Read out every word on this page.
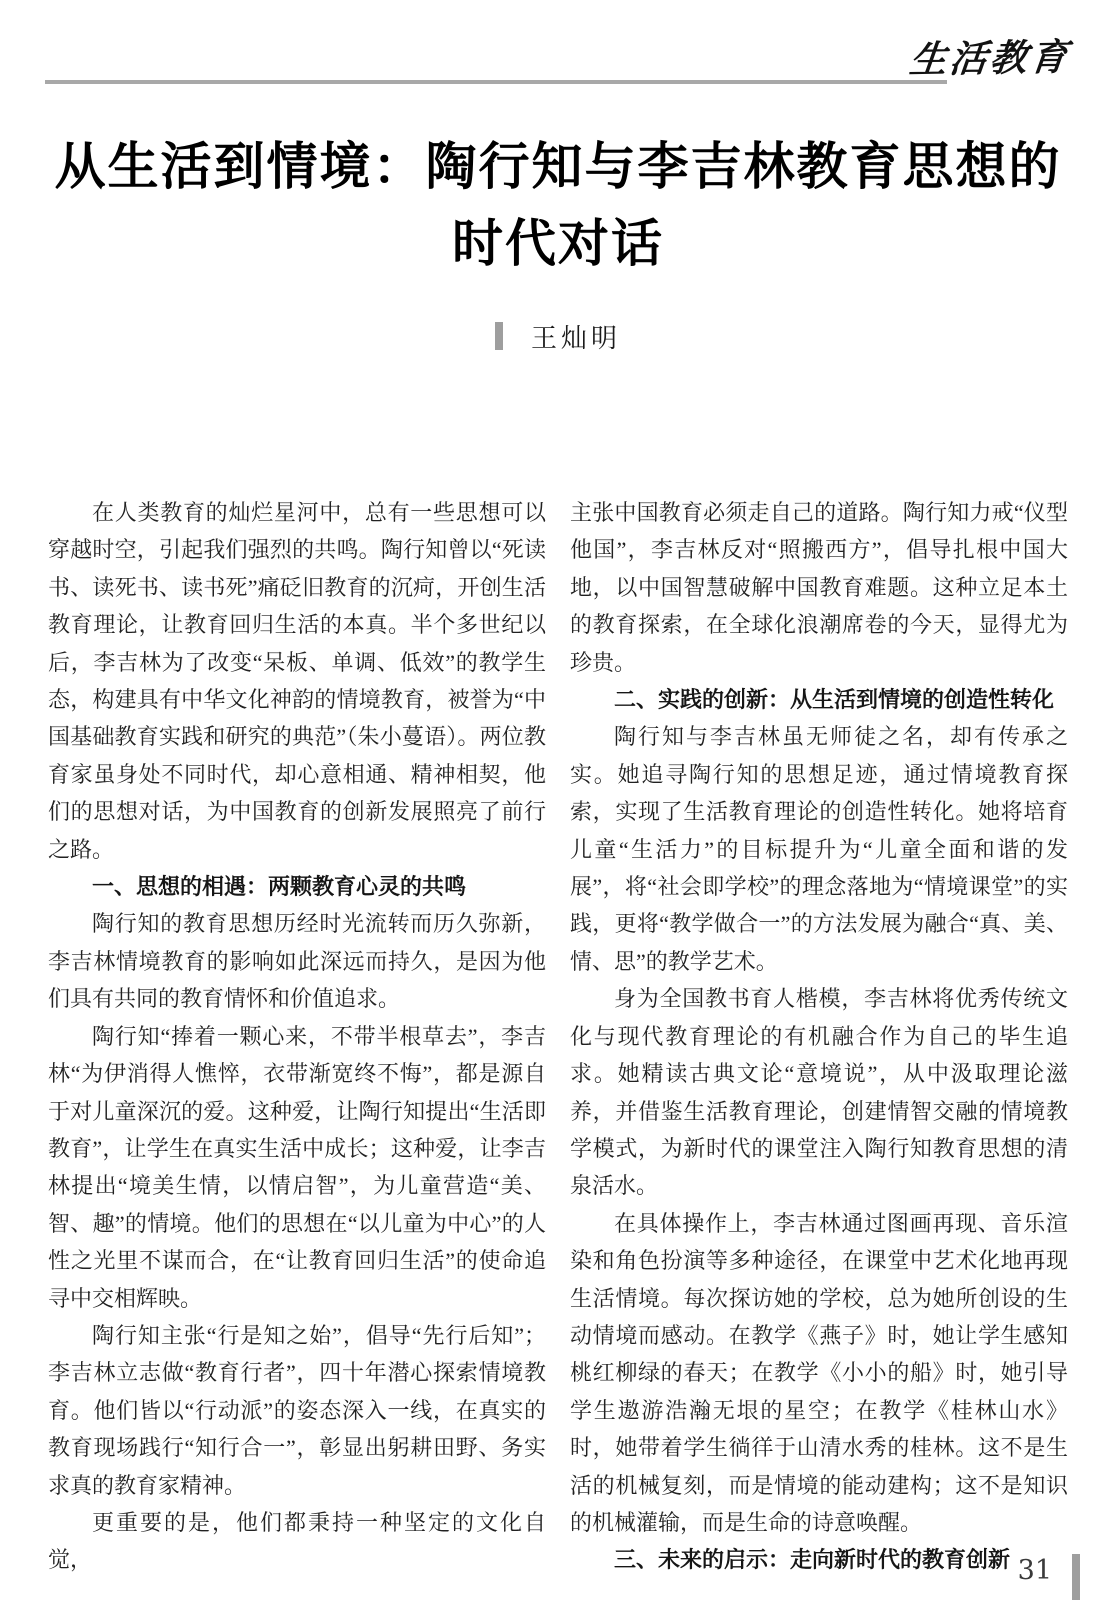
生活教育
从生活到情境：陶行知与李吉林教育思想的
时代对话
王灿明

在人类教育的灿烂星河中，总有一些思想可以穿越时空，引起我们强烈的共鸣。陶行知曾以“死读书、读死书、读书死”痛砭旧教育的沉疴，开创生活教育理论，让教育回归生活的本真。半个多世纪以后，李吉林为了改变“呆板、单调、低效”的教学生态，构建具有中华文化神韵的情境教育，被誉为“中国基础教育实践和研究的典范”（朱小蔓语）。两位教育家虽身处不同时代，却心意相通、精神相契，他们的思想对话，为中国教育的创新发展照亮了前行之路。

一、思想的相遇：两颗教育心灵的共鸣

陶行知的教育思想历经时光流转而历久弥新，李吉林情境教育的影响如此深远而持久，是因为他们具有共同的教育情怀和价值追求。

陶行知“捧着一颗心来，不带半根草去”，李吉林“为伊消得人憔悴，衣带渐宽终不悔”，都是源自于对儿童深沉的爱。这种爱，让陶行知提出“生活即教育”，让学生在真实生活中成长；这种爱，让李吉林提出“境美生情，以情启智”，为儿童营造“美、智、趣”的情境。他们的思想在“以儿童为中心”的人性之光里不谋而合，在“让教育回归生活”的使命追寻中交相辉映。

陶行知主张“行是知之始”，倡导“先行后知”；李吉林立志做“教育行者”，四十年潜心探索情境教育。他们皆以“行动派”的姿态深入一线，在真实的教育现场践行“知行合一”，彰显出躬耕田野、务实求真的教育家精神。

更重要的是，他们都秉持一种坚定的文化自觉，

主张中国教育必须走自己的道路。陶行知力戒“仪型他国”，李吉林反对“照搬西方”，倡导扎根中国大地，以中国智慧破解中国教育难题。这种立足本土的教育探索，在全球化浪潮席卷的今天，显得尤为珍贵。

二、实践的创新：从生活到情境的创造性转化

陶行知与李吉林虽无师徒之名，却有传承之实。她追寻陶行知的思想足迹，通过情境教育探索，实现了生活教育理论的创造性转化。她将培育儿童“生活力”的目标提升为“儿童全面和谐的发展”，将“社会即学校”的理念落地为“情境课堂”的实践，更将“教学做合一”的方法发展为融合“真、美、情、思”的教学艺术。

身为全国教书育人楷模，李吉林将优秀传统文化与现代教育理论的有机融合作为自己的毕生追求。她精读古典文论“意境说”，从中汲取理论滋养，并借鉴生活教育理论，创建情智交融的情境教学模式，为新时代的课堂注入陶行知教育思想的清泉活水。

在具体操作上，李吉林通过图画再现、音乐渲染和角色扮演等多种途径，在课堂中艺术化地再现生活情境。每次探访她的学校，总为她所创设的生动情境而感动。在教学《燕子》时，她让学生感知桃红柳绿的春天；在教学《小小的船》时，她引导学生遨游浩瀚无垠的星空；在教学《桂林山水》时，她带着学生徜徉于山清水秀的桂林。这不是生活的机械复刻，而是情境的能动建构；这不是知识的机械灌输，而是生命的诗意唤醒。

三、未来的启示：走向新时代的教育创新 31
